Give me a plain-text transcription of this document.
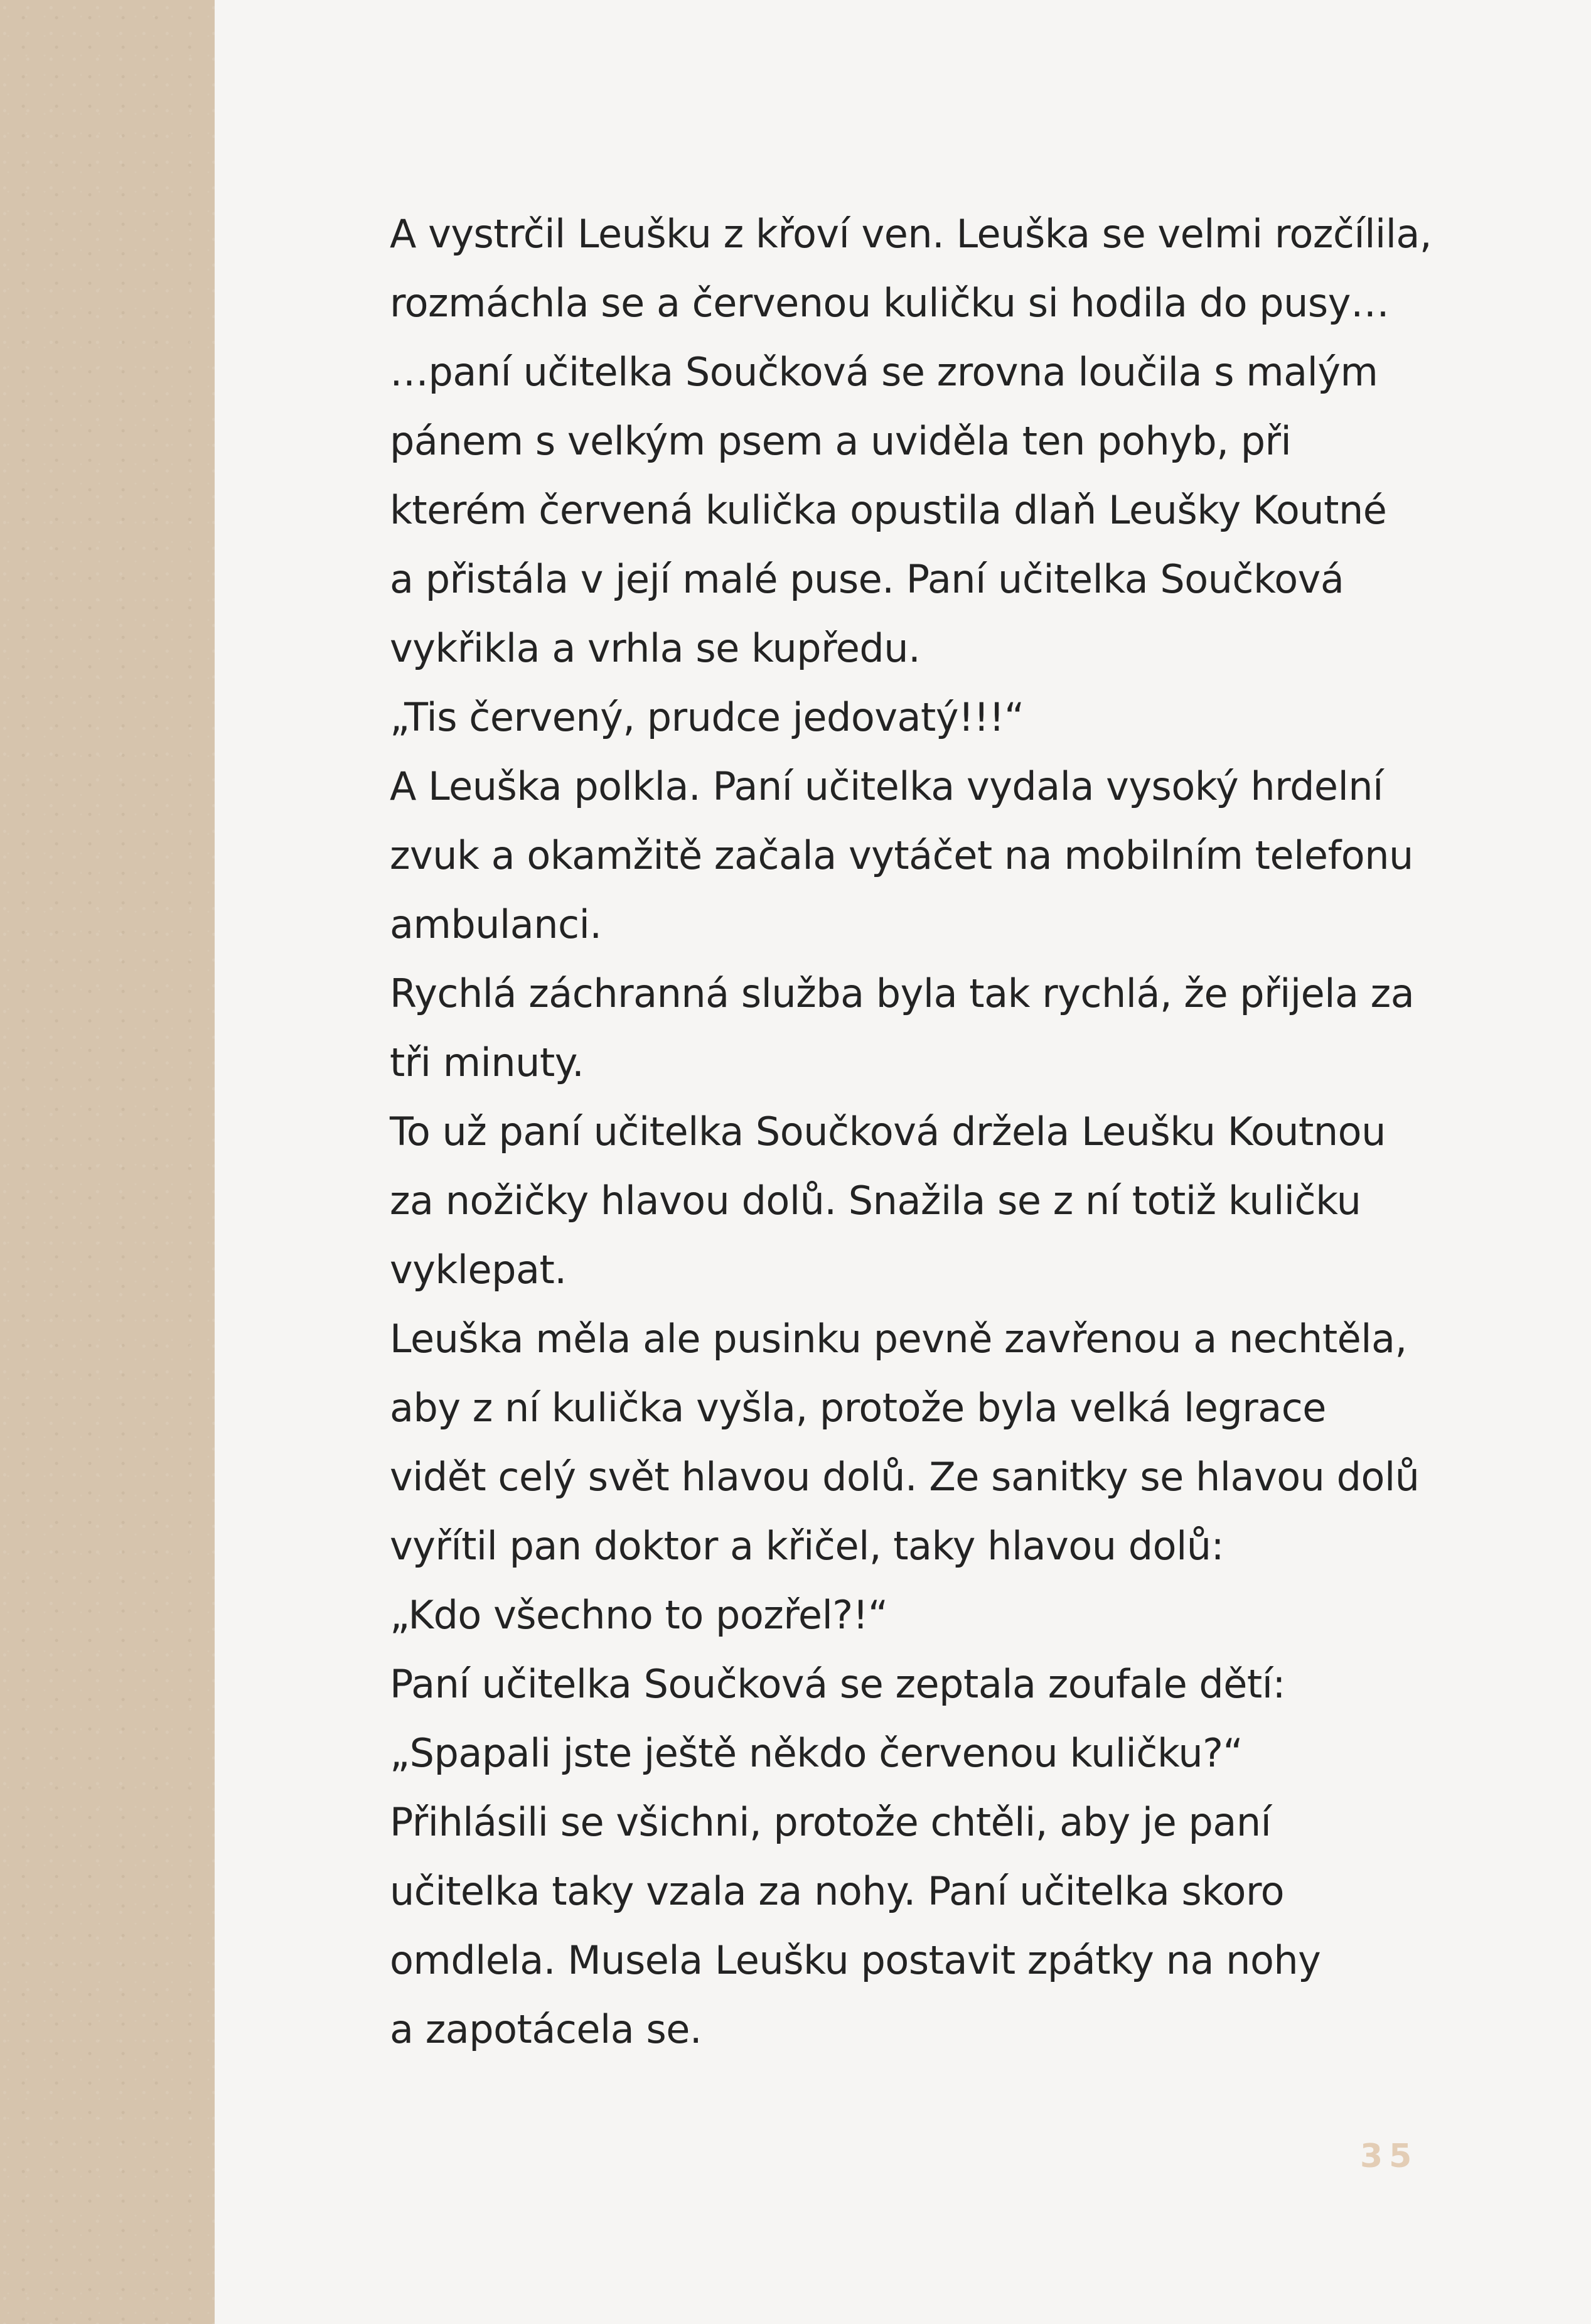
A vystrčil Leušku z křoví ven. Leuška se velmi rozčílila,
rozmáchla se a červenou kuličku si hodila do pusy…
…paní učitelka Součková se zrovna loučila s malým
pánem s velkým psem a uviděla ten pohyb, při
kterém červená kulička opustila dlaň Leušky Koutné
a přistála v její malé puse. Paní učitelka Součková
vykřikla a vrhla se kupředu.
„Tis červený, prudce jedovatý!!!“
A Leuška polkla. Paní učitelka vydala vysoký hrdelní
zvuk a okamžitě začala vytáčet na mobilním telefonu
ambulanci.
Rychlá záchranná služba byla tak rychlá, že přijela za
tři minuty.
To už paní učitelka Součková držela Leušku Koutnou
za nožičky hlavou dolů. Snažila se z ní totiž kuličku
vyklepat.
Leuška měla ale pusinku pevně zavřenou a nechtěla,
aby z ní kulička vyšla, protože byla velká legrace
vidět celý svět hlavou dolů. Ze sanitky se hlavou dolů
vyřítil pan doktor a křičel, taky hlavou dolů:
„Kdo všechno to pozřel?!“
Paní učitelka Součková se zeptala zoufale dětí:
„Spapali jste ještě někdo červenou kuličku?“
Přihlásili se všichni, protože chtěli, aby je paní
učitelka taky vzala za nohy. Paní učitelka skoro
omdlela. Musela Leušku postavit zpátky na nohy
a zapotácela se.
35
